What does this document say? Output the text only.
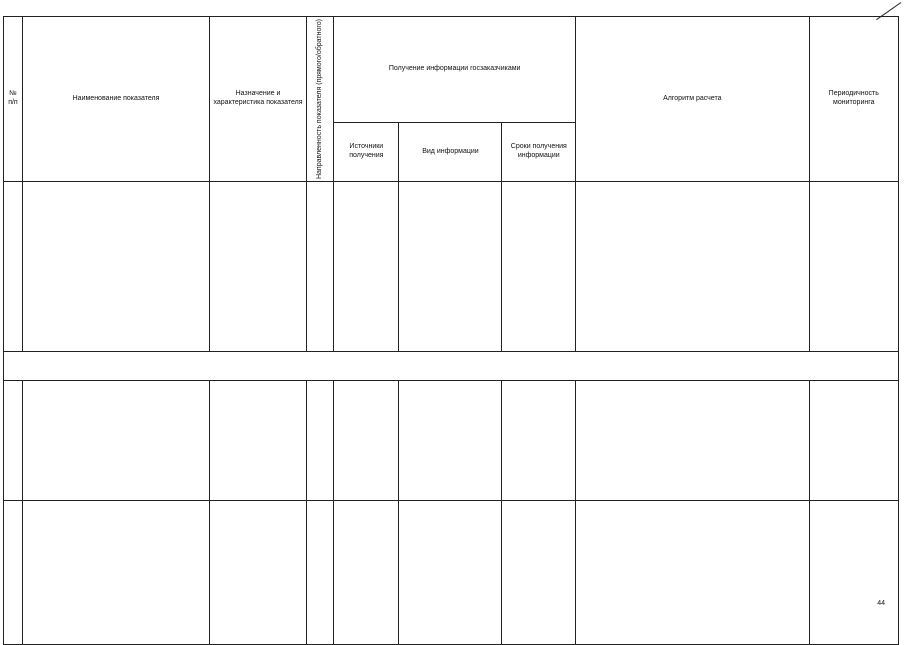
№ п/п	Наименование показателя	Назначение и характеристика показателя	Направленность показателя (прямого/обратного)	Получение информации госзаказчиками			Алгоритм расчета	Периодичность мониторинга
				Источники получения	Вид информации	Сроки получения информации		

44
